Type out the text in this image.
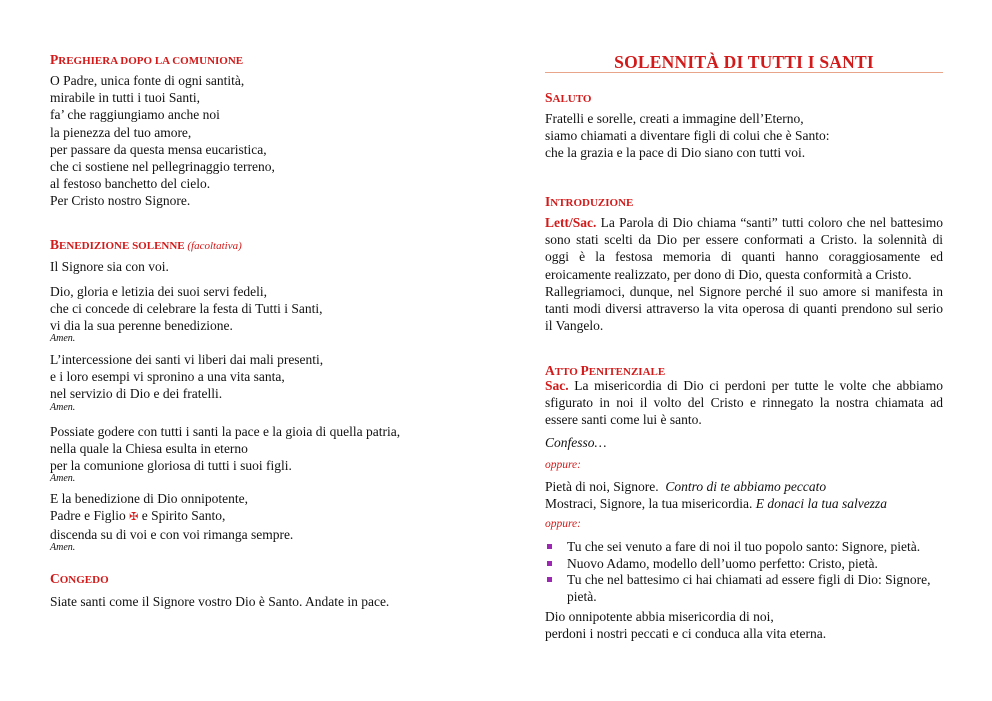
PREGHIERA DOPO LA COMUNIONE
O Padre, unica fonte di ogni santità,
mirabile in tutti i tuoi Santi,
fa’ che raggiungiamo anche noi
la pienezza del tuo amore,
per passare da questa mensa eucaristica,
che ci sostiene nel pellegrinaggio terreno,
al festoso banchetto del cielo.
Per Cristo nostro Signore.
BENEDIZIONE SOLENNE (facoltativa)
Il Signore sia con voi.
Dio, gloria e letizia dei suoi servi fedeli,
che ci concede di celebrare la festa di Tutti i Santi,
vi dia la sua perenne benedizione.
Amen.
L’intercessione dei santi vi liberi dai mali presenti,
e i loro esempi vi spronino a una vita santa,
nel servizio di Dio e dei fratelli.
Amen.
Possiate godere con tutti i santi la pace e la gioia di quella patria,
nella quale la Chiesa esulta in eterno
per la comunione gloriosa di tutti i suoi figli.
Amen.
E la benedizione di Dio onnipotente,
Padre e Figlio ✠ e Spirito Santo,
discenda su di voi e con voi rimanga sempre.
Amen.
CONGEDO
Siate santi come il Signore vostro Dio è Santo. Andate in pace.
SOLENNITÀ DI TUTTI I SANTI
SALUTO
Fratelli e sorelle, creati a immagine dell’Eterno,
siamo chiamati a diventare figli di colui che è Santo:
che la grazia e la pace di Dio siano con tutti voi.
INTRODUZIONE
Lett/Sac. La Parola di Dio chiama “santi” tutti coloro che nel battesimo sono stati scelti da Dio per essere conformati a Cristo. la solennità di oggi è la festosa memoria di quanti hanno coraggiosamente ed eroicamente realizzato, per dono di Dio, questa conformità a Cristo.
Rallegriamoci, dunque, nel Signore perché il suo amore si manifesta in tanti modi diversi attraverso la vita operosa di quanti prendono sul serio il Vangelo.
ATTO PENITENZIALE
Sac. La misericordia di Dio ci perdoni per tutte le volte che abbiamo sfigurato in noi il volto del Cristo e rinnegato la nostra chiamata ad essere santi come lui è santo.
Confesso…
oppure:
Pietà di noi, Signore. Contro di te abbiamo peccato
Mostraci, Signore, la tua misericordia. E donaci la tua salvezza
oppure:
Tu che sei venuto a fare di noi il tuo popolo santo: Signore, pietà.
Nuovo Adamo, modello dell’uomo perfetto: Cristo, pietà.
Tu che nel battesimo ci hai chiamati ad essere figli di Dio: Signore, pietà.
Dio onnipotente abbia misericordia di noi,
perdoni i nostri peccati e ci conduca alla vita eterna.
